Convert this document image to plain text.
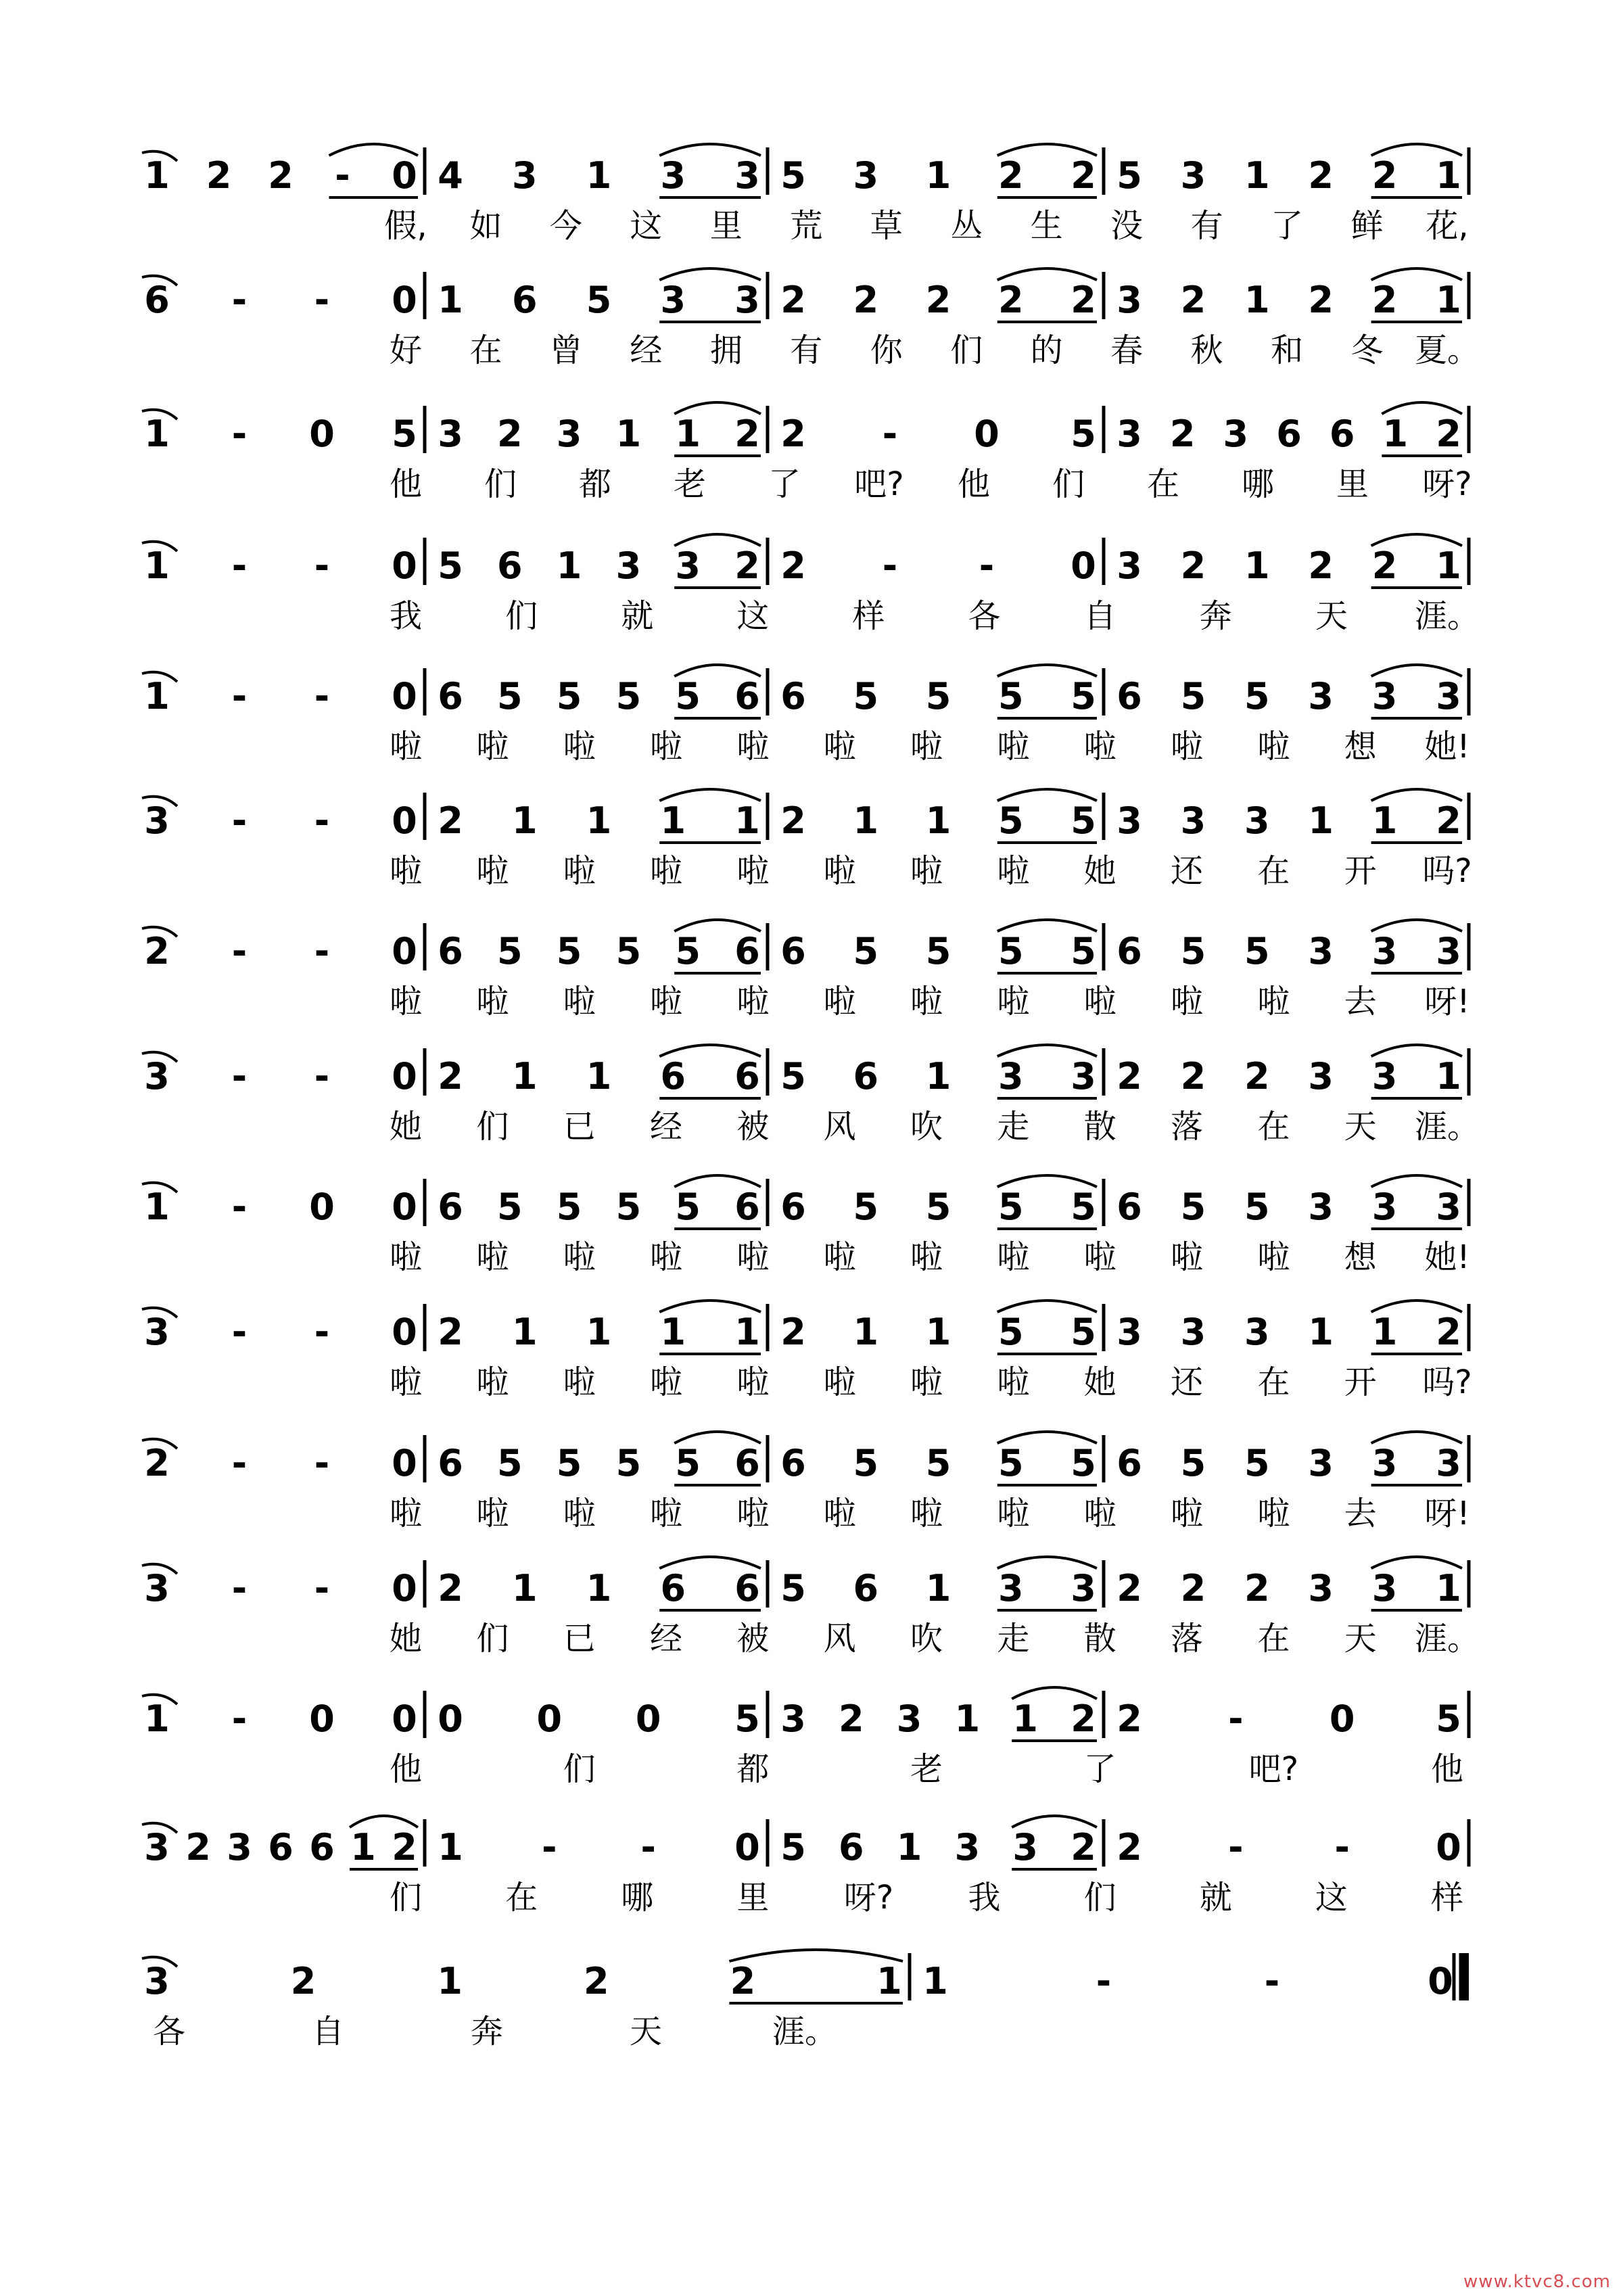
1 2 2 - 0 4 3 1 3 3 5 3 1 2 2 5 3 1 2 2 1
假, 如 今 这 里 荒 草 丛 生 没 有 了 鲜 花,
6 - - 0 1 6 5 3 3 2 2 2 2 2 3 2 1 2 2 1
好 在 曾 经 拥 有 你 们 的 春 秋 和 冬 夏。
1 - 0 5 3 2 3 1 1 2 2 - 0 5 3 2 3 6 6 1 2
他 们 都 老 了 吧? 他 们 在 哪 里 呀?
1 - - 0 5 6 1 3 3 2 2 - - 0 3 2 1 2 2 1
我	们	就	这	样	各	自	奔	天 涯。
1 - - 0 6 5 5 5 5 6 6 5 5 5 5 6 5 5 3 3 3
啦 啦 啦 啦 啦 啦 啦 啦 啦 啦 啦 想 她!
3 - - 0 2 1 1 1 1 2 1 1 5 5 3 3 3 1 1 2
啦 啦 啦 啦 啦 啦 啦 啦 她 还 在 开 吗?
2 - - 0 6 5 5 5 5 6 6 5 5 5 5 6 5 5 3 3 3
啦 啦 啦 啦 啦 啦 啦 啦 啦 啦 啦 去 呀!
3 - - 0 2 1 1 6 6 5 6 1 3 3 2 2 2 3 3 1
她 们 已 经 被 风 吹 走 散 落 在 天 涯。
1 - 0 0 6 5 5 5 5 6 6 5 5 5 5 6 5 5 3 3 3
啦 啦 啦 啦 啦 啦 啦 啦 啦 啦 啦 想 她!
3 - - 0 2 1 1 1 1 2 1 1 5 5 3 3 3 1 1 2
啦 啦 啦 啦 啦 啦 啦 啦 她 还 在 开 吗?
2 - - 0 6 5 5 5 5 6 6 5 5 5 5 6 5 5 3 3 3
啦 啦 啦 啦 啦 啦 啦 啦 啦 啦 啦 去 呀!
3 - - 0 2 1 1 6 6 5 6 1 3 3 2 2 2 3 3 1
她 们 已 经 被 风 吹 走 散 落 在 天 涯。
1 - 0 0 0 0 0 5 3 2 3 1 1 2 2 - 0 5
他	们	都	老	了	吧?	他
3 2 3 6 6 1 2 1 - - 0 5 6 1 3 3 2 2 - - 0
们	在	哪	里 呀? 我	们	就	这	样
3	2	1	2	2	1 1	-	-	0
各	自	奔	天	涯。
www.ktvc8.com
